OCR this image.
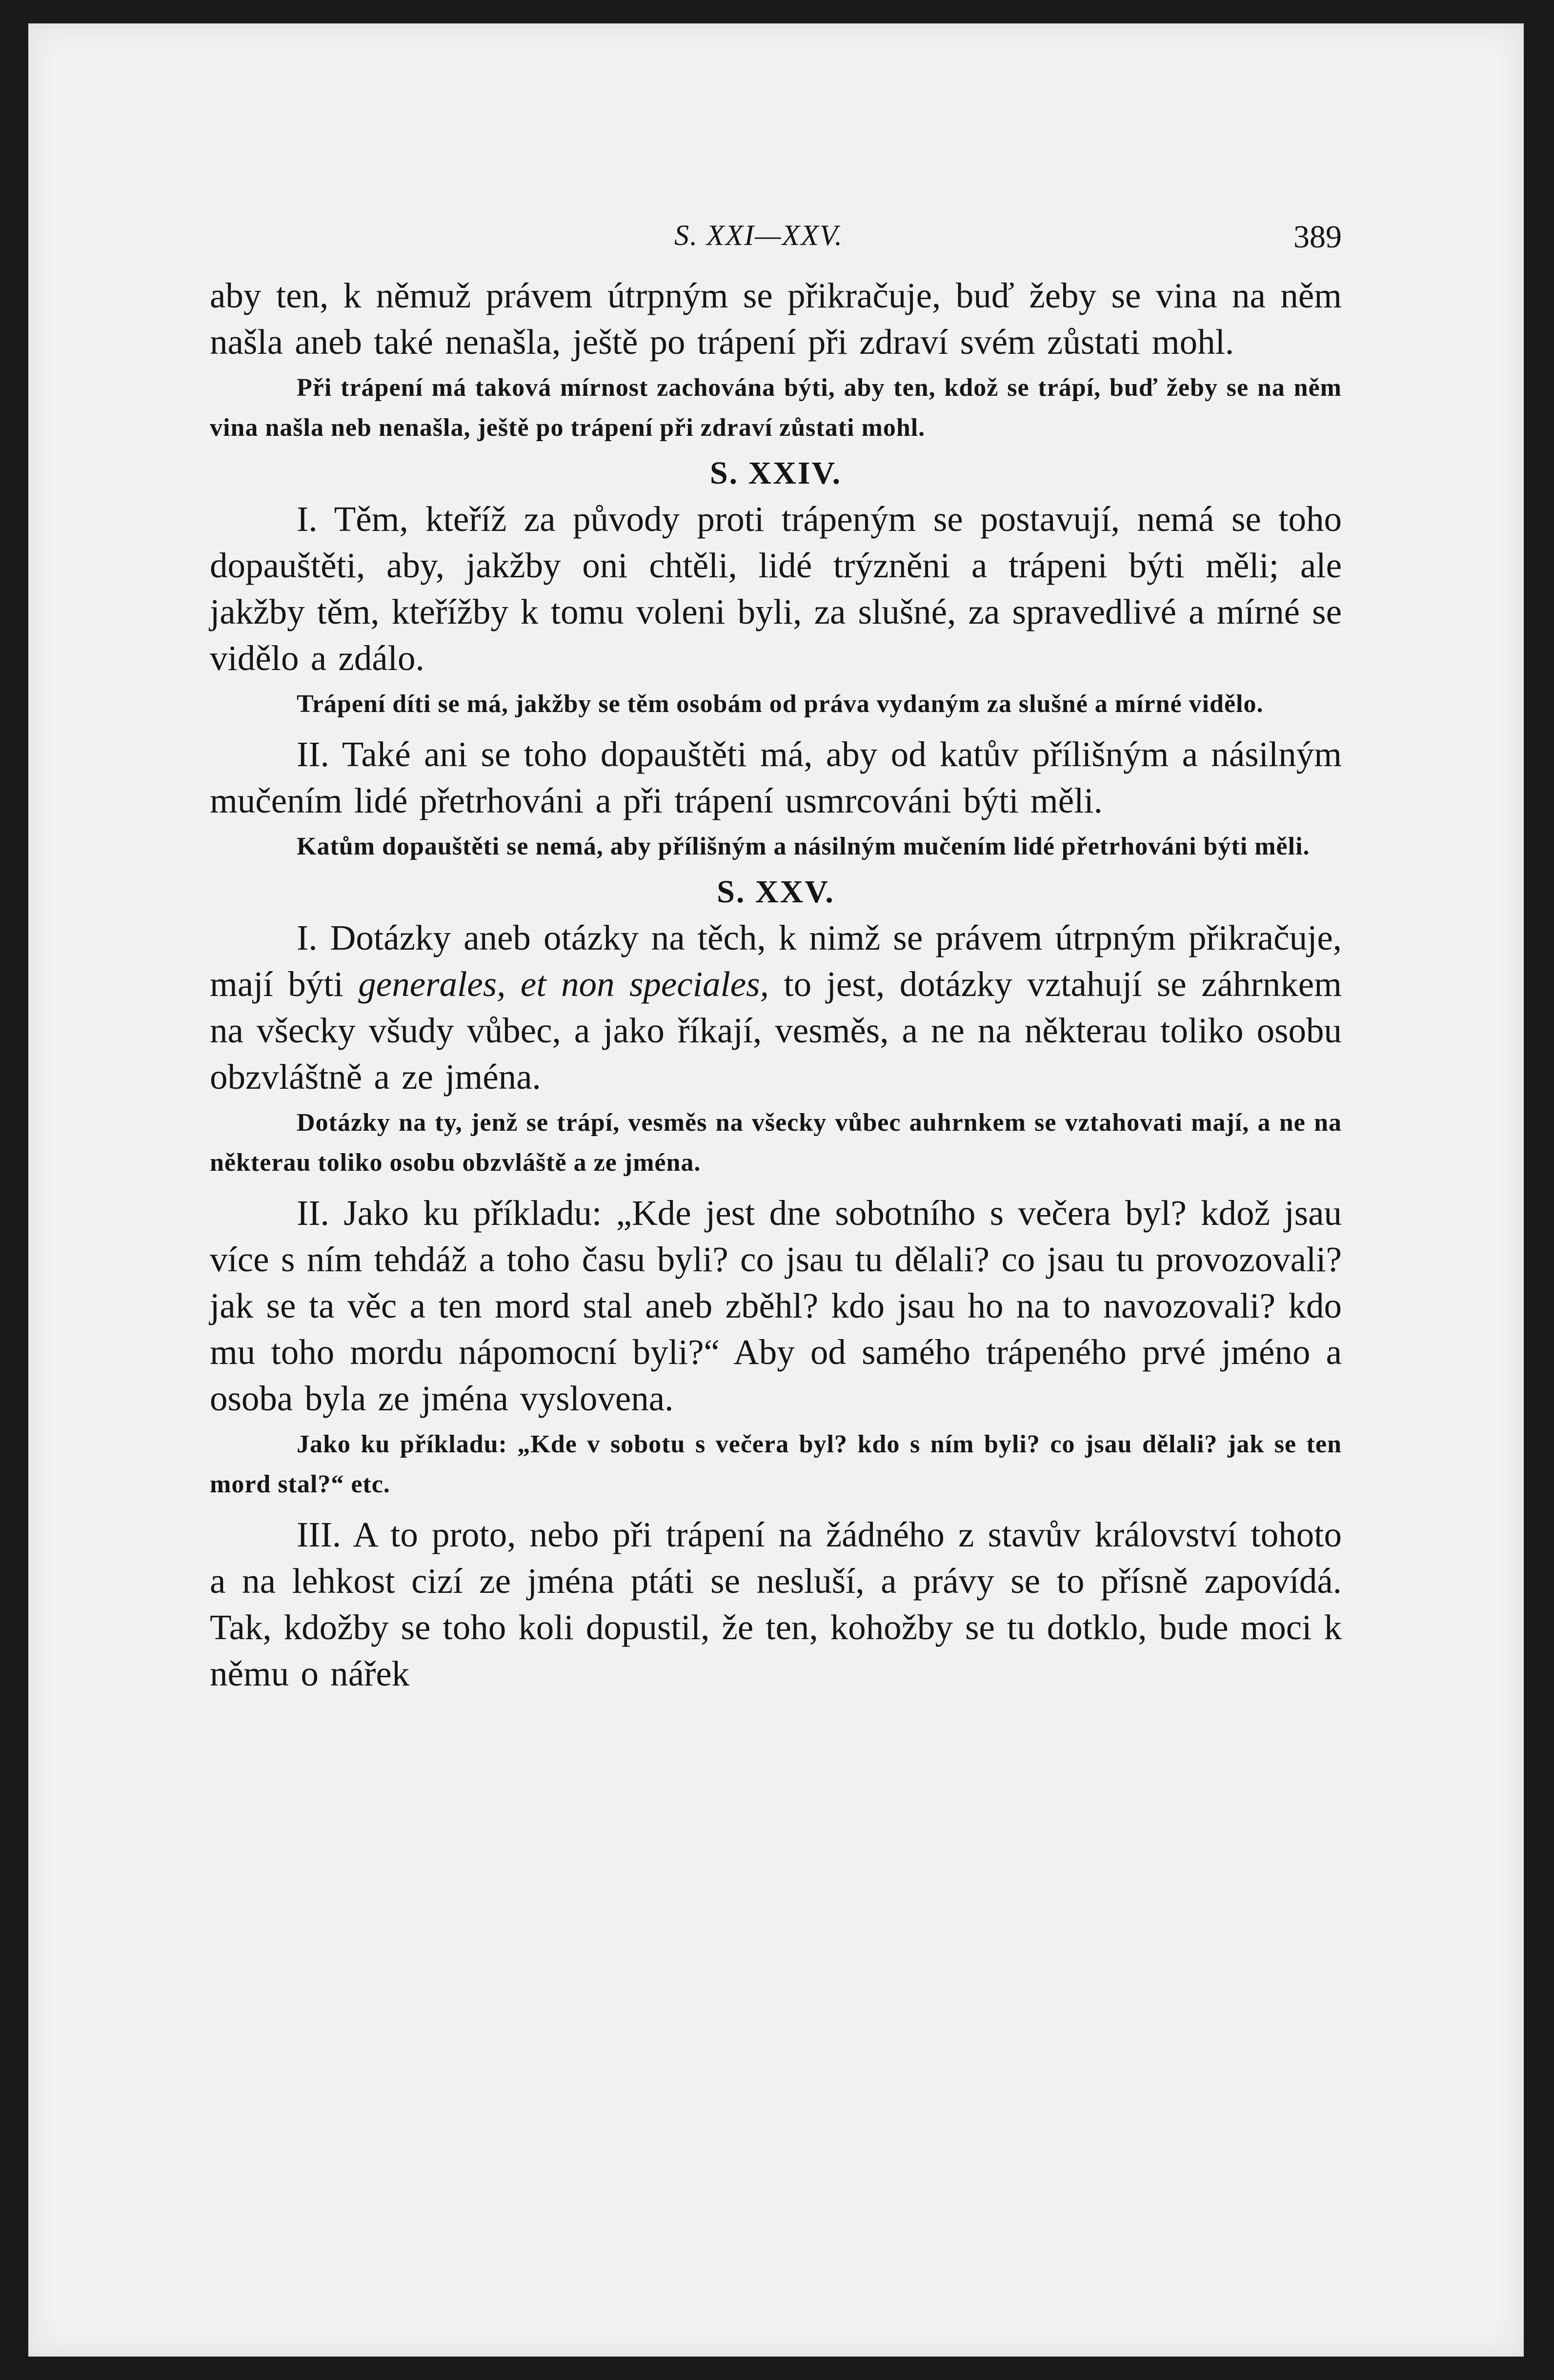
S. XXI—XXV.	389

aby ten, k němuž právem útrpným se přikračuje, buď žeby se vina na něm našla aneb také nenašla, ještě po trápení při zdraví svém zůstati mohl.

Při trápení má taková mírnost zachována býti, aby ten, kdož se trápí, buď žeby se na něm vina našla neb nenašla, ještě po trápení při zdraví zůstati mohl.

S. XXIV.

I. Těm, kteříž za původy proti trápeným se postavují, nemá se toho dopauštěti, aby, jakžby oni chtěli, lidé trýzněni a trápeni býti měli; ale jakžby těm, kteřížby k tomu voleni byli, za slušné, za spravedlivé a mírné se vidělo a zdálo.

Trápení díti se má, jakžby se těm osobám od práva vydaným za slušné a mírné vidělo.

II. Také ani se toho dopauštěti má, aby od katův přílišným a násilným mučením lidé přetrhováni a při trápení usmrcováni býti měli.

Katům dopauštěti se nemá, aby přílišným a násilným mučením lidé přetrhováni býti měli.

S. XXV.

I. Dotázky aneb otázky na těch, k nimž se právem útrpným přikračuje, mají býti generales, et non speciales, to jest, dotázky vztahují se záhrnkem na všecky všudy vůbec, a jako říkají, vesměs, a ne na některau toliko osobu obzvláštně a ze jména.

Dotázky na ty, jenž se trápí, vesměs na všecky vůbec auhrnkem se vztahovati mají, a ne na některau toliko osobu obzvláště a ze jména.

II. Jako ku příkladu: „Kde jest dne sobotního s večera byl? kdož jsau více s ním tehdáž a toho času byli? co jsau tu dělali? co jsau tu provozovali? jak se ta věc a ten mord stal aneb zběhl? kdo jsau ho na to navozovali? kdo mu toho mordu nápomocní byli?“ Aby od samého trápeného prvé jméno a osoba byla ze jména vyslovena.

Jako ku příkladu: „Kde v sobotu s večera byl? kdo s ním byli? co jsau dělali? jak se ten mord stal?“ etc.

III. A to proto, nebo při trápení na žádného z stavův království tohoto a na lehkost cizí ze jména ptáti se nesluší, a právy se to přísně zapovídá. Tak, kdožby se toho koli dopustil, že ten, kohožby se tu dotklo, bude moci k němu o nářek
